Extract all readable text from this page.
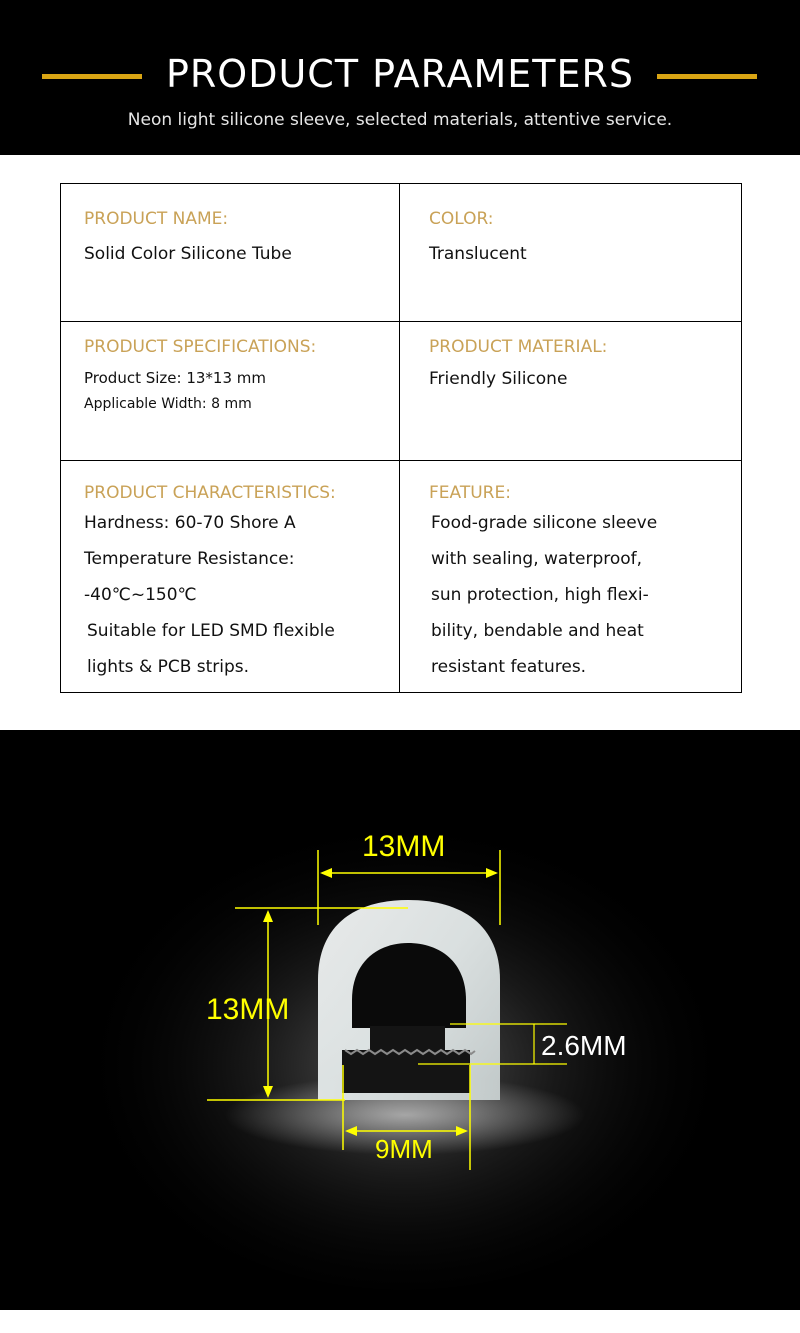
PRODUCT PARAMETERS
Neon light silicone sleeve, selected materials, attentive service.
PRODUCT NAME:
Solid Color Silicone Tube
COLOR:
Translucent
PRODUCT SPECIFICATIONS:
Product Size: 13*13 mm
Applicable Width: 8 mm
PRODUCT MATERIAL:
Friendly Silicone
PRODUCT CHARACTERISTICS:
Hardness: 60-70 Shore A
Temperature Resistance:
-40℃~150℃
Suitable for LED SMD flexible
lights & PCB strips.
FEATURE:
Food-grade silicone sleeve
with sealing, waterproof,
sun protection, high flexi-
bility, bendable and heat
resistant features.
13MM
13MM
2.6MM
9MM
